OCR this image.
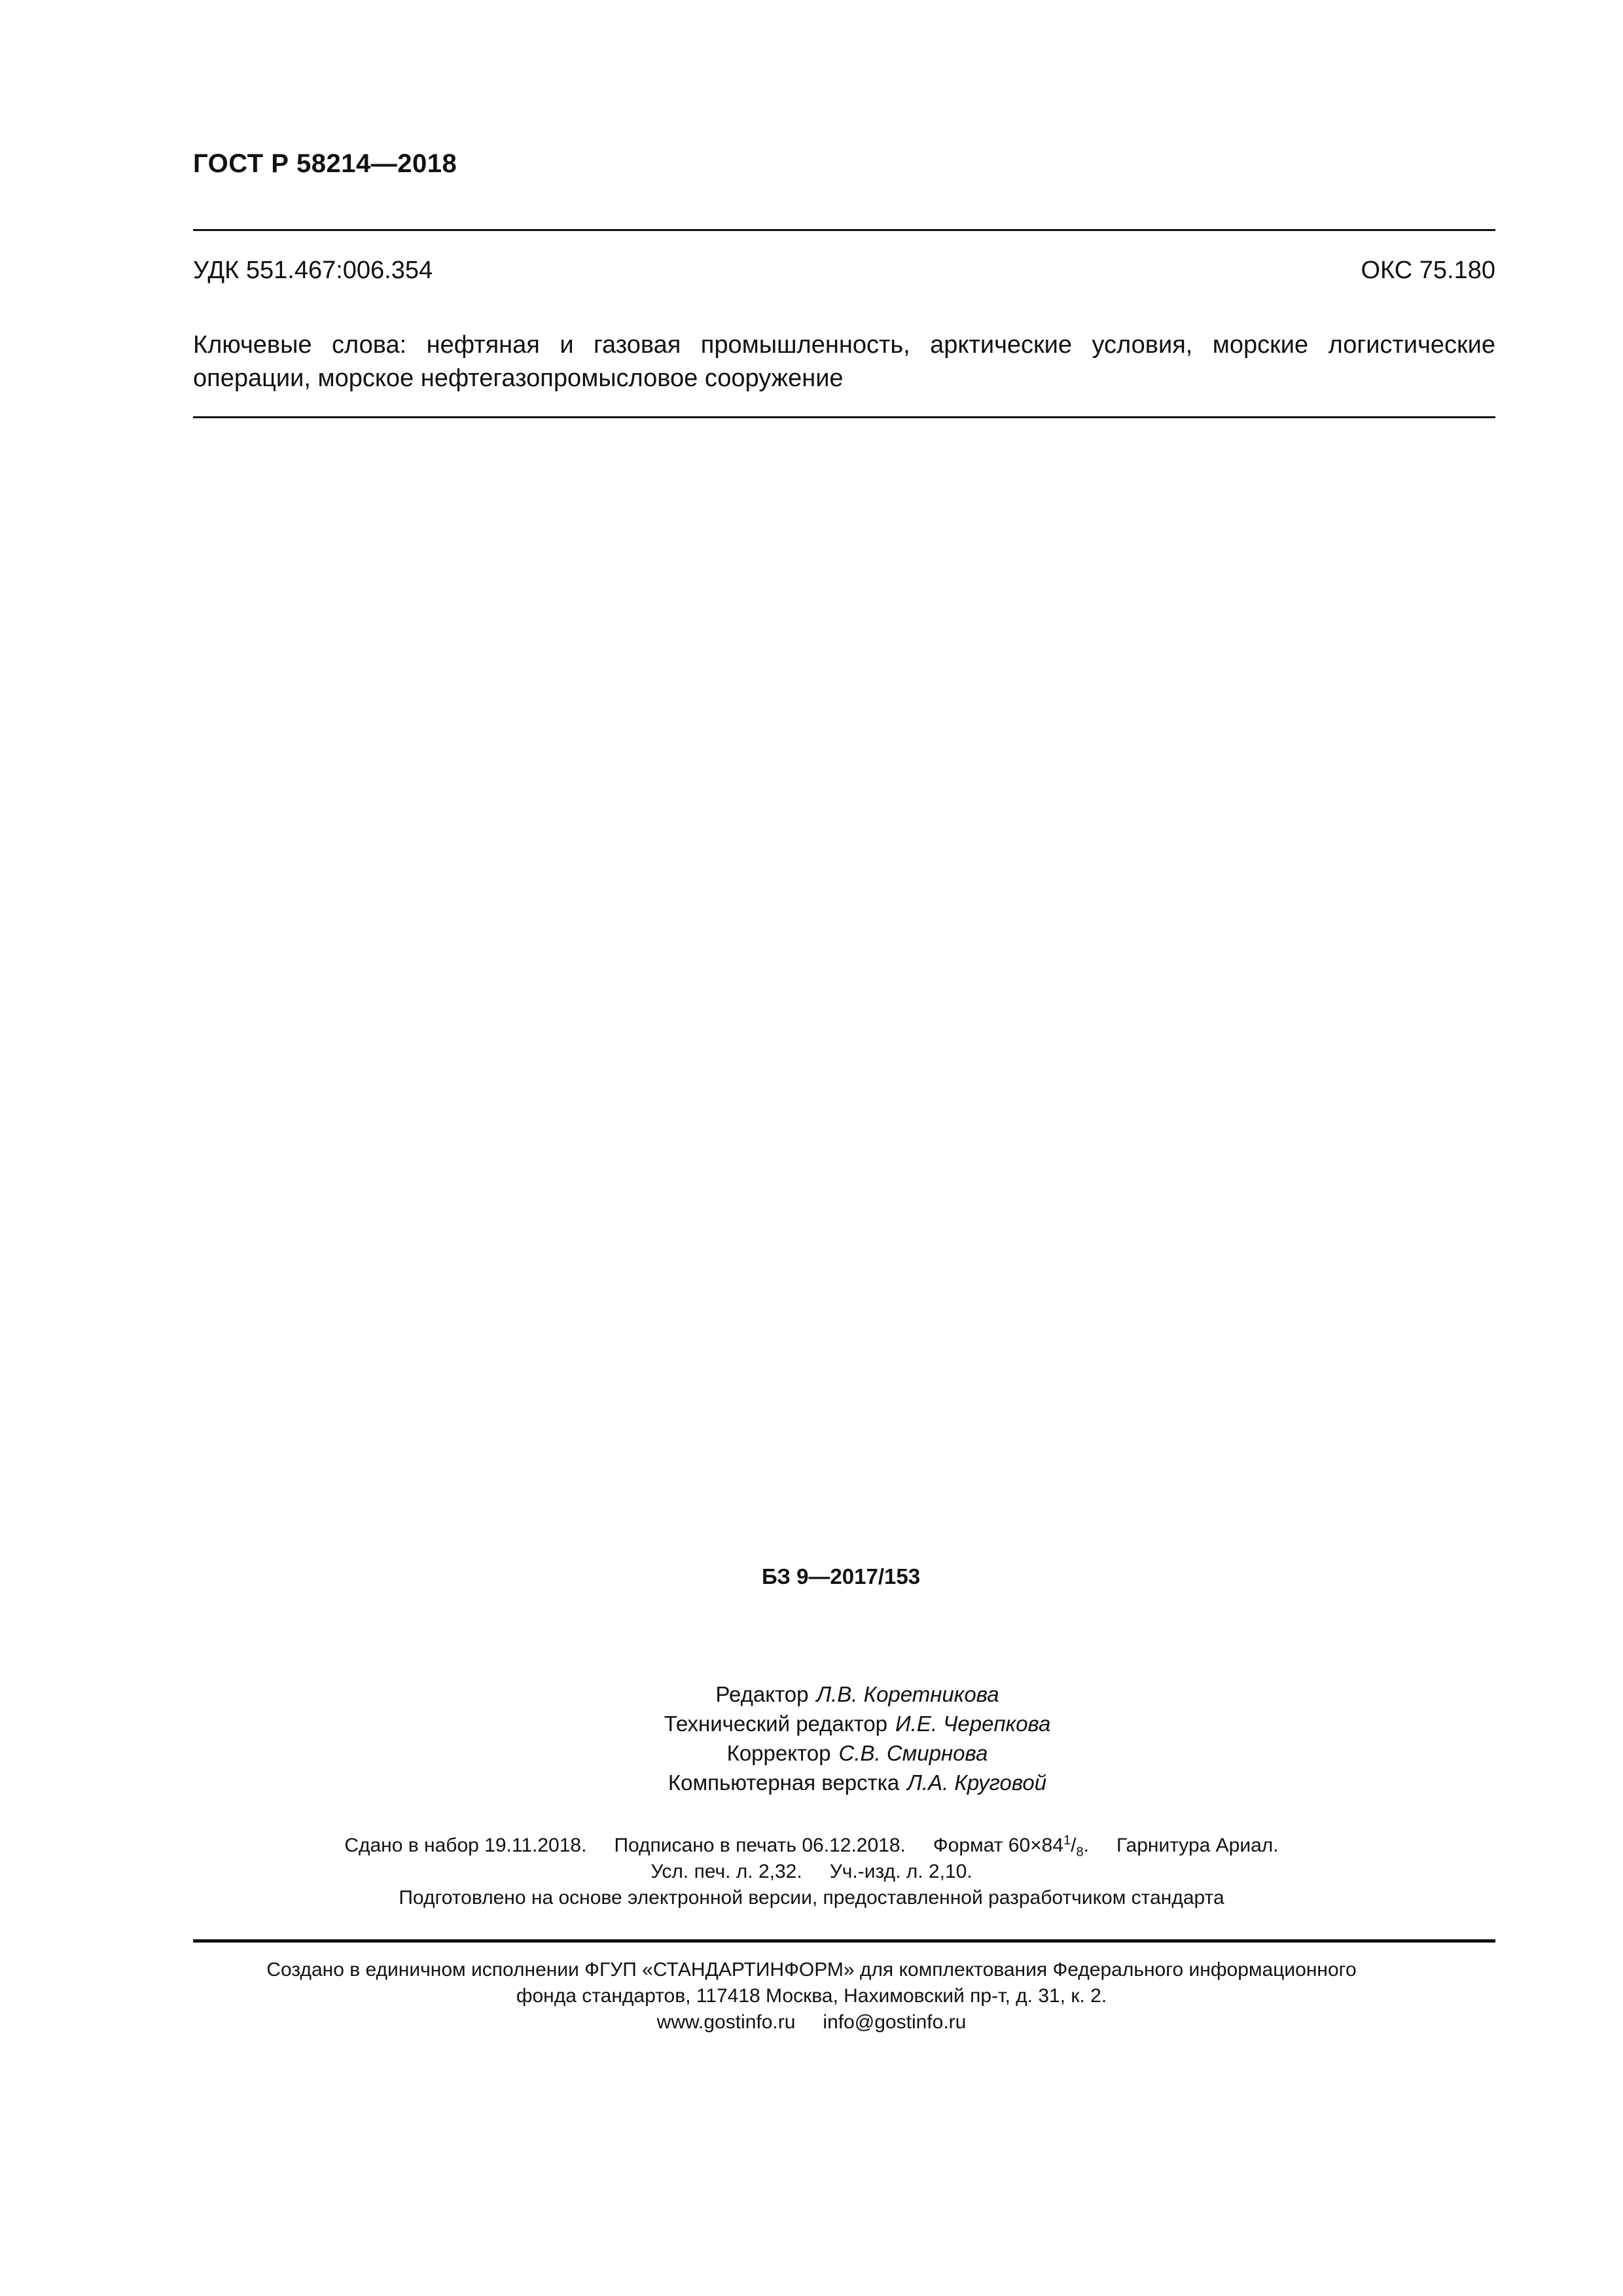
ГОСТ Р 58214—2018
УДК 551.467:006.354	ОКС 75.180
Ключевые слова: нефтяная и газовая промышленность, арктические условия, морские логистические операции, морское нефтегазопромысловое сооружение
БЗ 9—2017/153
Редактор Л.В. Коретникова
Технический редактор И.Е. Черепкова
Корректор С.В. Смирнова
Компьютерная верстка Л.А. Круговой
Сдано в набор 19.11.2018. Подписано в печать 06.12.2018. Формат $60\times 84^1/_8$. Гарнитура Ариал.
Усл. печ. л. 2,32. Уч.-изд. л. 2,10.
Подготовлено на основе электронной версии, предоставленной разработчиком стандарта
Создано в единичном исполнении ФГУП «СТАНДАРТИНФОРМ» для комплектования Федерального информационного
фонда стандартов, 117418 Москва, Нахимовский пр-т, д. 31, к. 2.
www.gostinfo.ru info@gostinfo.ru
